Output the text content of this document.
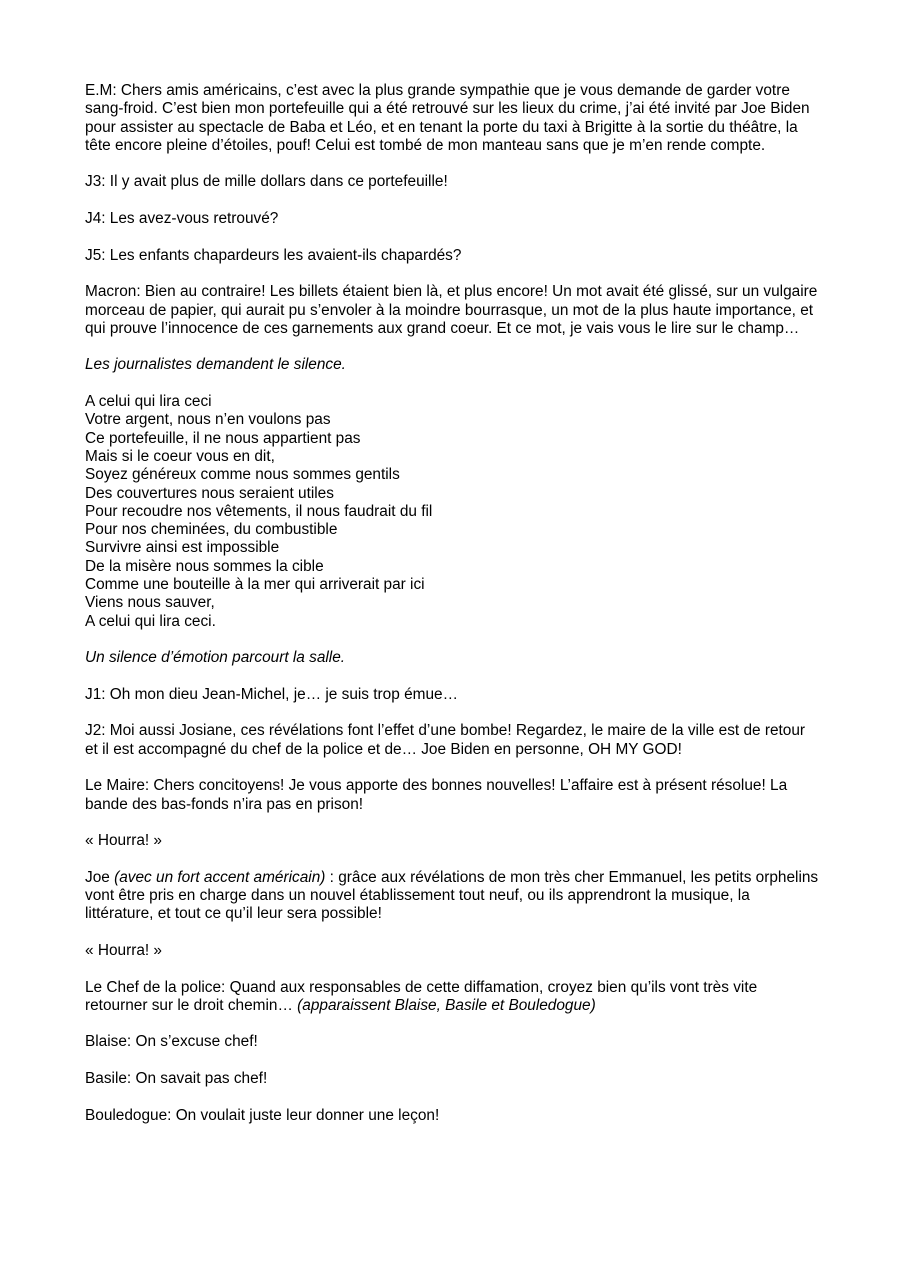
E.M: Chers amis américains, c’est avec la plus grande sympathie que je vous demande de garder votre sang-froid. C’est bien mon portefeuille qui a été retrouvé sur les lieux du crime, j’ai été invité par Joe Biden pour assister au spectacle de Baba et Léo, et en tenant la porte du taxi à Brigitte à la sortie du théâtre, la tête encore pleine d’étoiles, pouf! Celui est tombé de mon manteau sans que je m’en rende compte.

J3: Il y avait plus de mille dollars dans ce portefeuille!

J4: Les avez-vous retrouvé?

J5: Les enfants chapardeurs les avaient-ils chapardés?

Macron: Bien au contraire! Les billets étaient bien là, et plus encore! Un mot avait été glissé, sur un vulgaire morceau de papier, qui aurait pu s’envoler à la moindre bourrasque, un mot de la plus haute importance, et qui prouve l’innocence de ces garnements aux grand coeur. Et ce mot, je vais vous le lire sur le champ…

Les journalistes demandent le silence.

A celui qui lira ceci
Votre argent, nous n’en voulons pas
Ce portefeuille, il ne nous appartient pas
Mais si le coeur vous en dit,
Soyez généreux comme nous sommes gentils
Des couvertures nous seraient utiles
Pour recoudre nos vêtements, il nous faudrait du fil
Pour nos cheminées, du combustible
Survivre ainsi est impossible
De la misère nous sommes la cible
Comme une bouteille à la mer qui arriverait par ici
Viens nous sauver,
A celui qui lira ceci.

Un silence d’émotion parcourt la salle.

J1: Oh mon dieu Jean-Michel, je… je suis trop émue…

J2: Moi aussi Josiane, ces révélations font l’effet d’une bombe! Regardez, le maire de la ville est de retour et il est accompagné du chef de la police et de… Joe Biden en personne, OH MY GOD!

Le Maire: Chers concitoyens! Je vous apporte des bonnes nouvelles! L’affaire est à présent résolue! La bande des bas-fonds n’ira pas en prison!

« Hourra! »

Joe (avec un fort accent américain) : grâce aux révélations de mon très cher Emmanuel, les petits orphelins vont être pris en charge dans un nouvel établissement tout neuf, ou ils apprendront la musique, la littérature, et tout ce qu’il leur sera possible!

« Hourra! »

Le Chef de la police: Quand aux responsables de cette diffamation, croyez bien qu’ils vont très vite retourner sur le droit chemin… (apparaissent Blaise, Basile et Bouledogue)

Blaise: On s’excuse chef!

Basile: On savait pas chef!

Bouledogue: On voulait juste leur donner une leçon!
